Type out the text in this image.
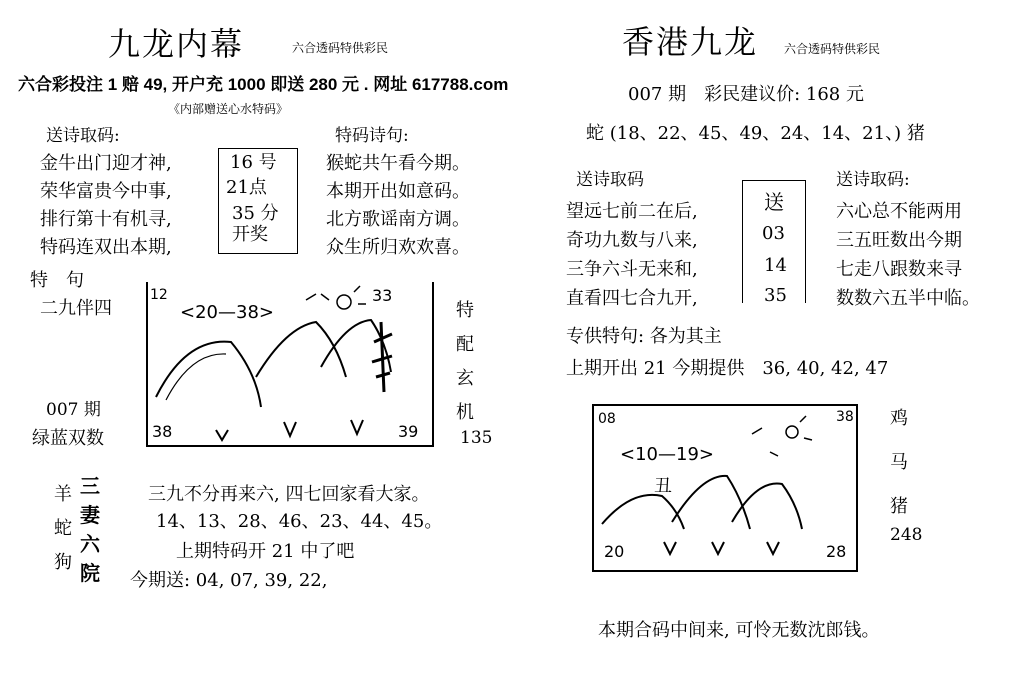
九龙内幕	六合透码特供彩民
六合彩投注 1 赔 49, 开户充 1000 即送 280 元 . 网址 617788.com
《内部赠送心水特码》
送诗取码:	特码诗句:
金牛出门迎才神,
荣华富贵今中事,
排行第十有机寻,
特码连双出本期,
16 号
21点
35 分
开奖
猴蛇共午看今期。
本期开出如意码。
北方歌谣南方调。
众生所归欢欢喜。
特　句
二九伴四
007 期
绿蓝双数
12	33
<20—38>
38	39
特
配
玄
机
135
羊
蛇
狗
三
妻
六
院
三九不分再来六, 四七回家看大家。
14、13、28、46、23、44、45。
上期特码开 21 中了吧
今期送: 04, 07, 39, 22,
香港九龙 六合透码特供彩民
007 期　彩民建议价: 168 元
蛇 (18、22、45、49、24、14、21、) 猪
送诗取码	送诗取码:
望远七前二在后,
奇功九数与八来,
三争六斗无来和,
直看四七合九开,
送
03
14
35
六心总不能两用
三五旺数出今期
七走八跟数来寻
数数六五半中临。
专供特句: 各为其主
上期开出 21 今期提供　36, 40, 42, 47
08	38
<10—19>
丑
20	28
鸡
马
猪
248
本期合码中间来, 可怜无数沈郎钱。
